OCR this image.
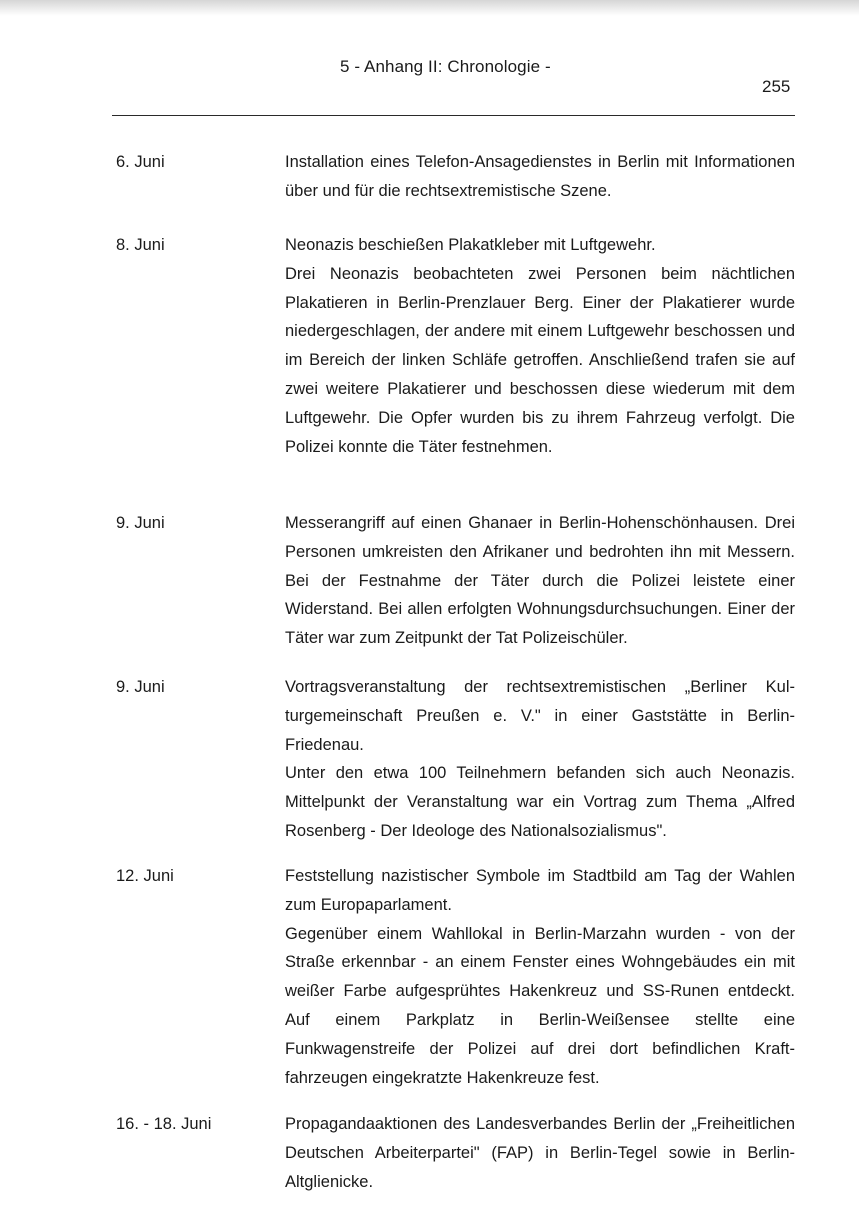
5 - Anhang II: Chronologie -
255
6. Juni	Installation eines Telefon-Ansagedienstes in Berlin mit Informationen über und für die rechtsextremistische Szene.

8. Juni	Neonazis beschießen Plakatkleber mit Luftgewehr.

Drei Neonazis beobachteten zwei Personen beim nächtlichen Plakatieren in Berlin-Prenzlauer Berg. Einer der Plakatierer wurde niedergeschlagen, der andere mit einem Luftgewehr beschossen und im Bereich der linken Schläfe getroffen. Anschließend trafen sie auf zwei weitere Plakatierer und beschossen diese wiederum mit dem Luftgewehr. Die Opfer wurden bis zu ihrem Fahrzeug verfolgt. Die Polizei konnte die Täter festnehmen.

9. Juni	Messerangriff auf einen Ghanaer in Berlin-Hohenschönhausen. Drei Personen umkreisten den Afrikaner und bedrohten ihn mit Messern. Bei der Festnahme der Täter durch die Polizei leistete einer Widerstand. Bei allen erfolgten Wohnungsdurchsuchungen. Einer der Täter war zum Zeitpunkt der Tat Polizeischüler.

9. Juni	Vortragsveranstaltung der rechtsextremistischen „Berliner Kulturgemeinschaft Preußen e. V." in einer Gaststätte in Berlin-Friedenau.

Unter den etwa 100 Teilnehmern befanden sich auch Neonazis. Mittelpunkt der Veranstaltung war ein Vortrag zum Thema „Alfred Rosenberg - Der Ideologe des Nationalsozialismus".

12. Juni	Feststellung nazistischer Symbole im Stadtbild am Tag der Wahlen zum Europaparlament.

Gegenüber einem Wahllokal in Berlin-Marzahn wurden - von der Straße erkennbar - an einem Fenster eines Wohngebäudes ein mit weißer Farbe aufgesprühtes Hakenkreuz und SS-Runen entdeckt. Auf einem Parkplatz in Berlin-Weißensee stellte eine Funkwagenstreife der Polizei auf drei dort befindlichen Kraftfahrzeugen eingekratzte Hakenkreuze fest.

16. - 18. Juni	Propagandaaktionen des Landesverbandes Berlin der „Freiheitlichen Deutschen Arbeiterpartei" (FAP) in Berlin-Tegel sowie in Berlin-Altglienicke.
